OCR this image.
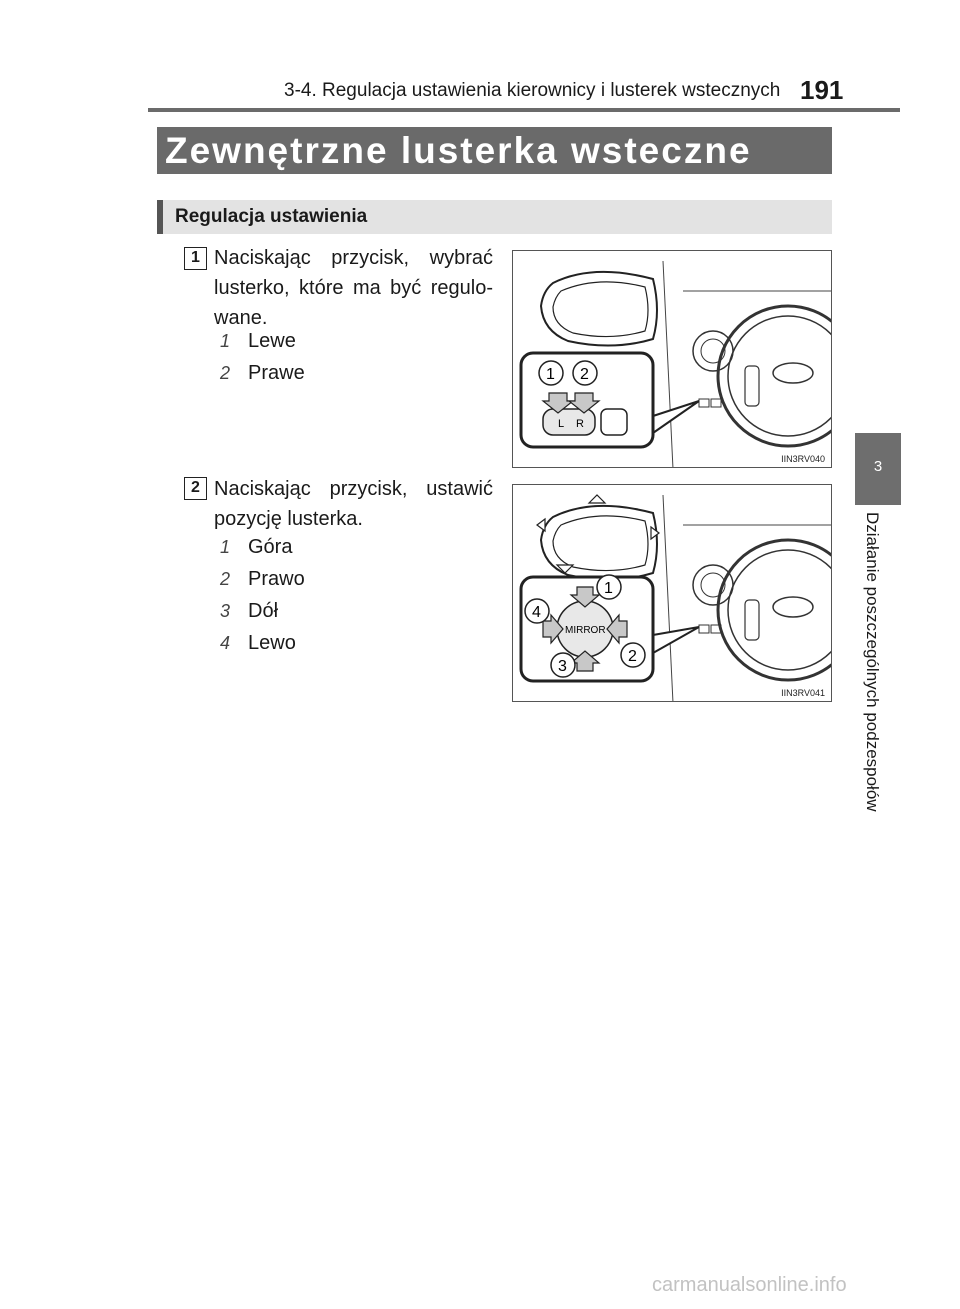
3-4. Regulacja ustawienia kierownicy i lusterek wstecznych 191
Zewnętrzne lusterka wsteczne
Regulacja ustawienia
1 Naciskając przycisk, wybrać lusterko, które ma być regulo-wane.
1 Lewe
2 Prawe
L R
1 2
IIN3RV040
2 Naciskając przycisk, ustawić pozycję lusterka.
1 Góra
2 Prawo
3 Dół
4 Lewo
MIRROR
1
2
3
4
IIN3RV041
3
Działanie poszczególnych podzespołów
carmanualsonline.info
